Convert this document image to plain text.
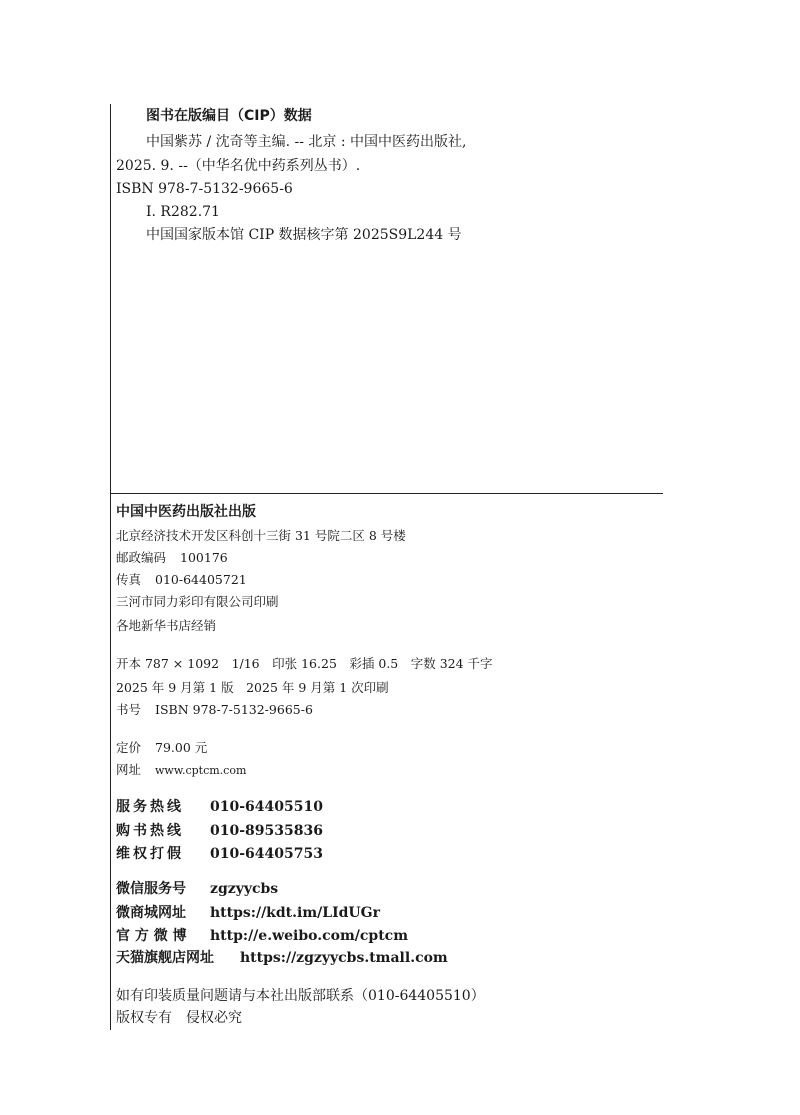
图书在版编目（CIP）数据
中国紫苏 / 沈奇等主编. -- 北京 : 中国中医药出版社,
2025. 9. --（中华名优中药系列丛书）.
ISBN 978-7-5132-9665-6
Ⅰ. R282.71
中国国家版本馆 CIP 数据核字第 2025S9L244 号
中国中医药出版社出版
北京经济技术开发区科创十三街 31 号院二区 8 号楼
邮政编码 100176
传真 010-64405721
三河市同力彩印有限公司印刷
各地新华书店经销
开本 787 × 1092　1/16　印张 16.25　彩插 0.5　字数 324 千字
2025 年 9 月第 1 版　2025 年 9 月第 1 次印刷
书号 ISBN 978-7-5132-9665-6
定价 79.00 元
网址 www.cptcm.com
服务热线 010-64405510
购书热线 010-89535836
维权打假 010-64405753
微信服务号 zgzyycbs
微商城网址 https://kdt.im/LIdUGr
官 方 微 博 http://e.weibo.com/cptcm
天猫旗舰店网址 https://zgzyycbs.tmall.com
如有印装质量问题请与本社出版部联系（010-64405510）
版权专有 侵权必究
